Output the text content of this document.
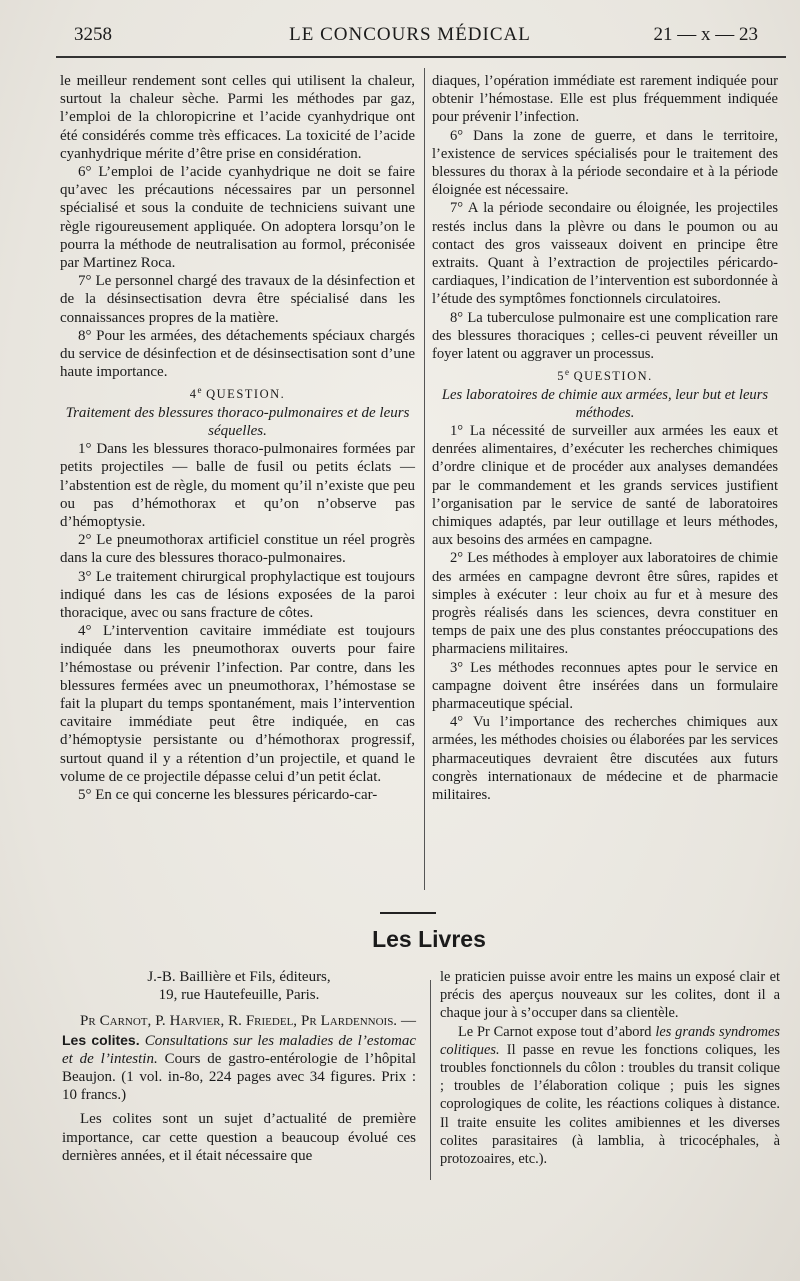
3258	LE CONCOURS MÉDICAL	21 — x — 23

le meilleur rendement sont celles qui utilisent la chaleur, surtout la chaleur sèche. Parmi les méthodes par gaz, l’emploi de la chloropicrine et l’acide cyanhydrique ont été considérés comme très efficaces. La toxicité de l’acide cyanhydrique mérite d’être prise en considération.

6° L’emploi de l’acide cyanhydrique ne doit se faire qu’avec les précautions nécessaires par un personnel spécialisé et sous la conduite de techniciens suivant une règle rigoureusement appliquée. On adoptera lorsqu’on le pourra la méthode de neutralisation au formol, préconisée par Martinez Roca.

7° Le personnel chargé des travaux de la désinfection et de la désinsectisation devra être spécialisé dans les connaissances propres de la matière.

8° Pour les armées, des détachements spéciaux chargés du service de désinfection et de désinsectisation sont d’une haute importance.

4e QUESTION.

Traitement des blessures thoraco-pulmonaires et de leurs séquelles.

1° Dans les blessures thoraco-pulmonaires formées par petits projectiles — balle de fusil ou petits éclats — l’abstention est de règle, du moment qu’il n’existe que peu ou pas d’hémothorax et qu’on n’observe pas d’hémoptysie.

2° Le pneumothorax artificiel constitue un réel progrès dans la cure des blessures thoraco-pulmonaires.

3° Le traitement chirurgical prophylactique est toujours indiqué dans les cas de lésions exposées de la paroi thoracique, avec ou sans fracture de côtes.

4° L’intervention cavitaire immédiate est toujours indiquée dans les pneumothorax ouverts pour faire l’hémostase ou prévenir l’infection. Par contre, dans les blessures fermées avec un pneumothorax, l’hémostase se fait la plupart du temps spontanément, mais l’intervention cavitaire immédiate peut être indiquée, en cas d’hémoptysie persistante ou d’hémothorax progressif, surtout quand il y a rétention d’un projectile, et quand le volume de ce projectile dépasse celui d’un petit éclat.

5° En ce qui concerne les blessures péricardo-car-

diaques, l’opération immédiate est rarement indiquée pour obtenir l’hémostase. Elle est plus fréquemment indiquée pour prévenir l’infection.

6° Dans la zone de guerre, et dans le territoire, l’existence de services spécialisés pour le traitement des blessures du thorax à la période secondaire et à la période éloignée est nécessaire.

7° A la période secondaire ou éloignée, les projectiles restés inclus dans la plèvre ou dans le poumon ou au contact des gros vaisseaux doivent en principe être extraits. Quant à l’extraction de projectiles péricardo-cardiaques, l’indication de l’intervention est subordonnée à l’étude des symptômes fonctionnels circulatoires.

8° La tuberculose pulmonaire est une complication rare des blessures thoraciques ; celles-ci peuvent réveiller un foyer latent ou aggraver un processus.

5e QUESTION.

Les laboratoires de chimie aux armées, leur but et leurs méthodes.

1° La nécessité de surveiller aux armées les eaux et denrées alimentaires, d’exécuter les recherches chimiques d’ordre clinique et de procéder aux analyses demandées par le commandement et les grands services justifient l’organisation par le service de santé de laboratoires chimiques adaptés, par leur outillage et leurs méthodes, aux besoins des armées en campagne.

2° Les méthodes à employer aux laboratoires de chimie des armées en campagne devront être sûres, rapides et simples à exécuter : leur choix au fur et à mesure des progrès réalisés dans les sciences, devra constituer en temps de paix une des plus constantes préoccupations des pharmaciens militaires.

3° Les méthodes reconnues aptes pour le service en campagne doivent être insérées dans un formulaire pharmaceutique spécial.

4° Vu l’importance des recherches chimiques aux armées, les méthodes choisies ou élaborées par les services pharmaceutiques devraient être discutées aux futurs congrès internationaux de médecine et de pharmacie militaires.

Les Livres

J.-B. Baillière et Fils, éditeurs,

19, rue Hautefeuille, Paris.

Pr Carnot, P. Harvier, R. Friedel, Pr Lardennois. — Les colites. Consultations sur les maladies de l’estomac et de l’intestin. Cours de gastro-entérologie de l’hôpital Beaujon. (1 vol. in-8o, 224 pages avec 34 figures. Prix : 10 francs.)

Les colites sont un sujet d’actualité de première importance, car cette question a beaucoup évolué ces dernières années, et il était nécessaire que

le praticien puisse avoir entre les mains un exposé clair et précis des aperçus nouveaux sur les colites, dont il a chaque jour à s’occuper dans sa clientèle.

Le Pr Carnot expose tout d’abord les grands syndromes colitiques. Il passe en revue les fonctions coliques, les troubles fonctionnels du côlon : troubles du transit colique ; troubles de l’élaboration colique ; puis les signes coprologiques de colite, les réactions coliques à distance. Il traite ensuite les colites amibiennes et les diverses colites parasitaires (à lamblia, à tricocéphales, à protozoaires, etc.).
